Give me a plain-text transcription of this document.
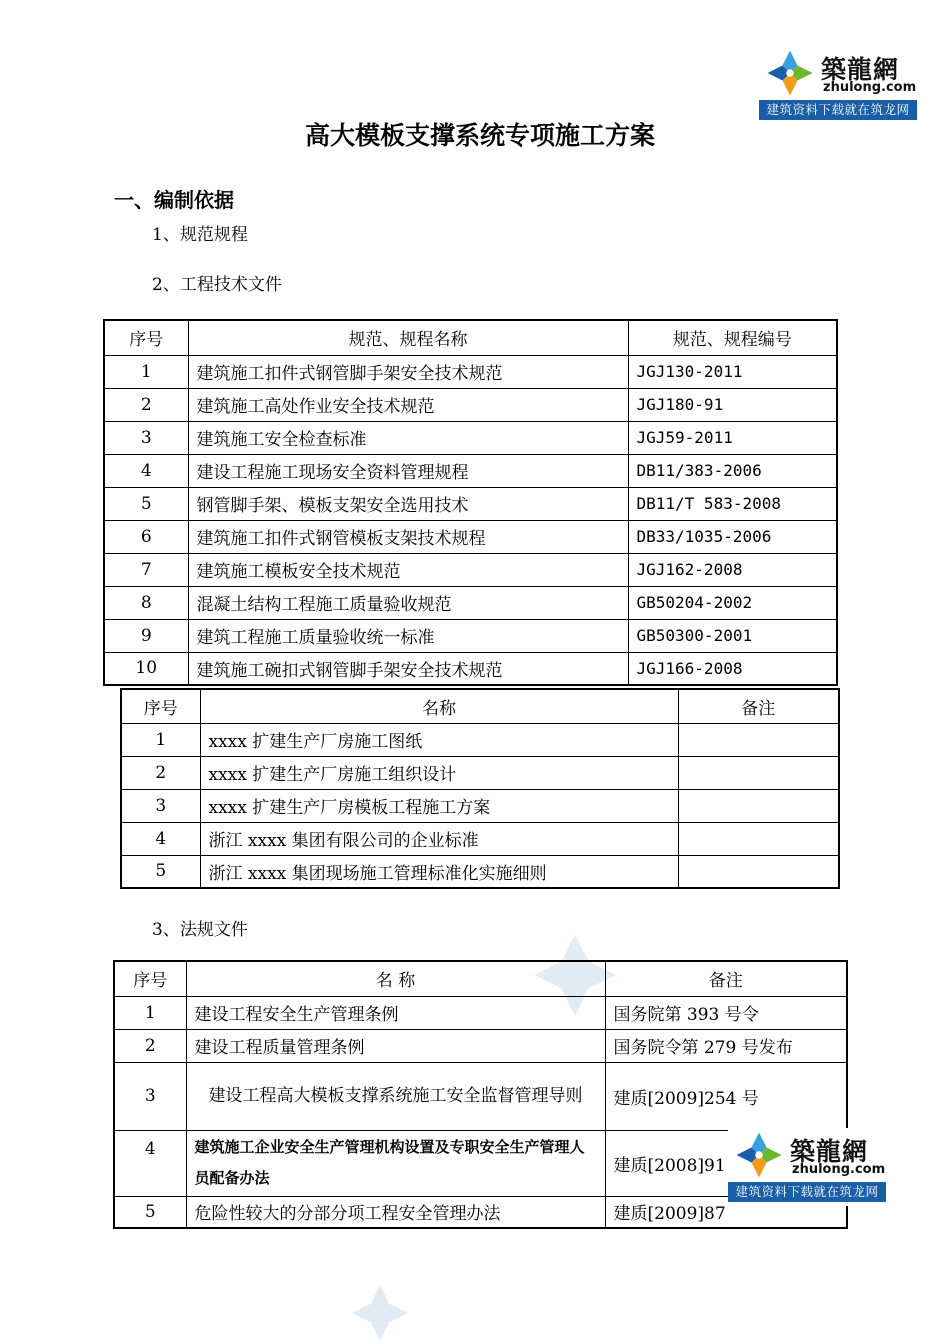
築龍網
zhulong.com
建筑资料下载就在筑龙网
高大模板支撑系统专项施工方案
一、编制依据
1、规范规程
2、工程技术文件
序号	规范、规程名称	规范、规程编号
1	建筑施工扣件式钢管脚手架安全技术规范	JGJ130-2011
2	建筑施工高处作业安全技术规范	JGJ180-91
3	建筑施工安全检查标准	JGJ59-2011
4	建设工程施工现场安全资料管理规程	DB11/383-2006
5	钢管脚手架、模板支架安全选用技术	DB11/T 583-2008
6	建筑施工扣件式钢管模板支架技术规程	DB33/1035-2006
7	建筑施工模板安全技术规范	JGJ162-2008
8	混凝土结构工程施工质量验收规范	GB50204-2002
9	建筑工程施工质量验收统一标准	GB50300-2001
10	建筑施工碗扣式钢管脚手架安全技术规范	JGJ166-2008
序号	名称	备注
1	xxxx 扩建生产厂房施工图纸	
2	xxxx 扩建生产厂房施工组织设计	
3	xxxx 扩建生产厂房模板工程施工方案	
4	浙江 xxxx 集团有限公司的企业标准	
5	浙江 xxxx 集团现场施工管理标准化实施细则	
3、法规文件
序号	名 称	备注
1	建设工程安全生产管理条例	国务院第 393 号令
2	建设工程质量管理条例	国务院令第 279 号发布
3	建设工程高大模板支撑系统施工安全监督管理导则	建质[2009]254 号
4	建筑施工企业安全生产管理机构设置及专职安全生产管理人员配备办法	建质[2008]91
5	危险性较大的分部分项工程安全管理办法	建质[2009]87
築龍網
zhulong.com
建筑资料下载就在筑龙网
